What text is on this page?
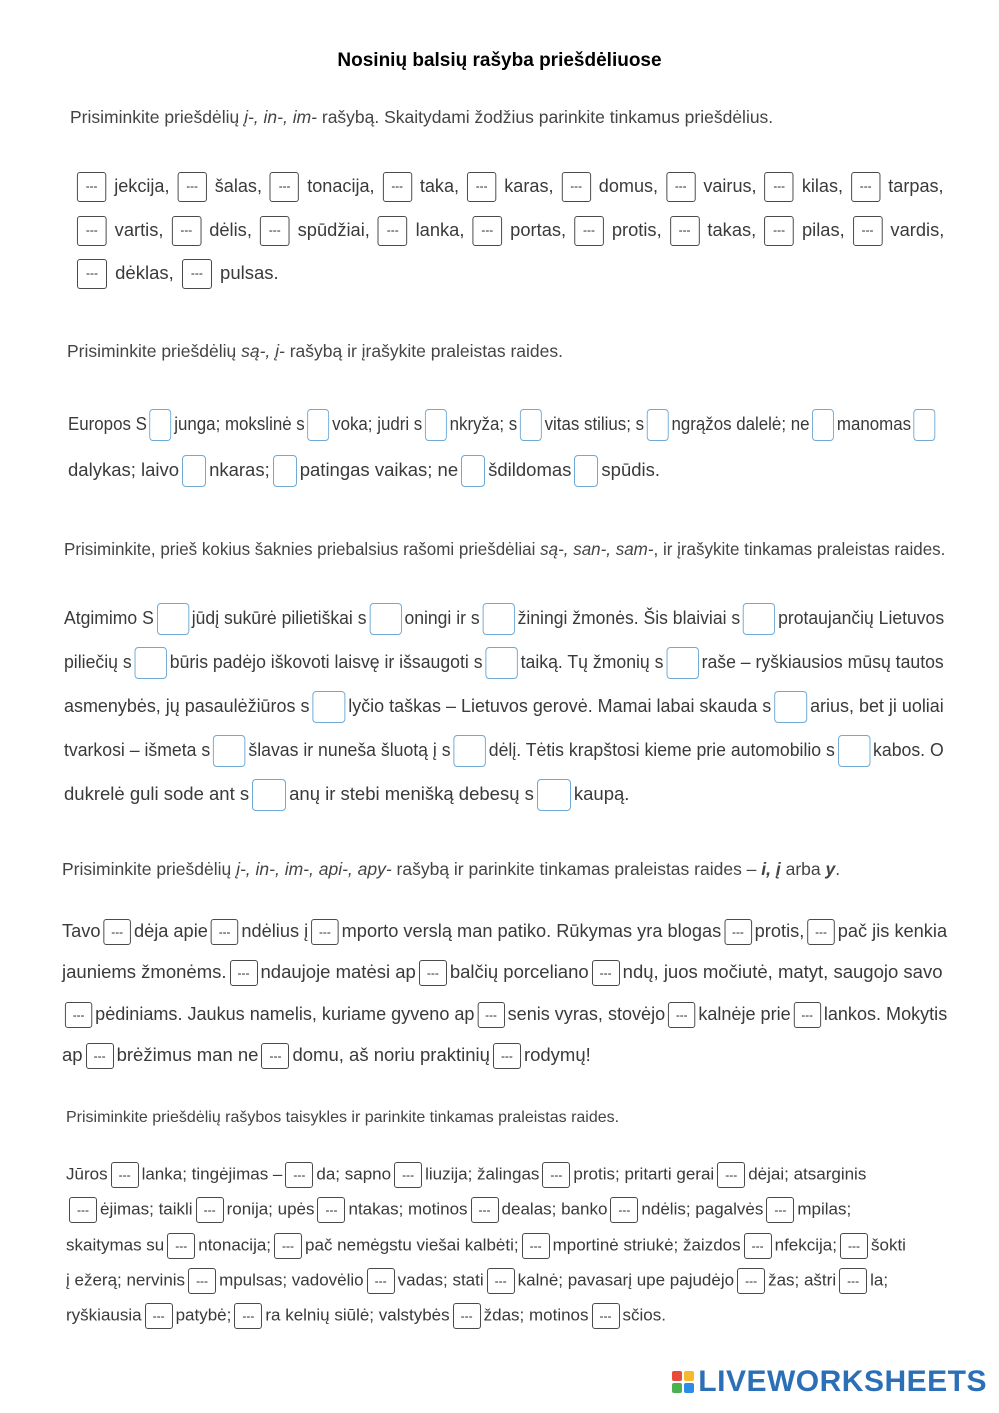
Nosinių balsių rašyba priešdėliuose
Prisiminkite priešdėlių į-, in-, im- rašybą. Skaitydami žodžius parinkite tinkamus priešdėlius.
--- jekcija, --- šalas, --- tonacija, --- taka, --- karas, --- domus, --- vairus, --- kilas, --- tarpas,
--- vartis, --- dėlis, --- spūdžiai, --- lanka, --- portas, --- protis, --- takas, --- pilas, --- vardis,
--- dėklas, --- pulsas.
Prisiminkite priešdėlių są-, į- rašybą ir įrašykite praleistas raides.
Europos S junga; mokslinė s voka; judri s nkryža; s vitas stilius; s ngrąžos dalelė; ne manomas
dalykas; laivo nkaras; patingas vaikas; ne šdildomas spūdis.
Prisiminkite, prieš kokius šaknies priebalsius rašomi priešdėliai są-, san-, sam-, ir įrašykite tinkamas praleistas raides.
Atgimimo S jūdį sukūrė pilietiškai s oningi ir s žiningi žmonės. Šis blaiviai s protaujančių Lietuvos
piliečių s būris padėjo iškovoti laisvę ir išsaugoti s taiką. Tų žmonių s raše – ryškiausios mūsų tautos
asmenybės, jų pasaulėžiūros s lyčio taškas – Lietuvos gerovė. Mamai labai skauda s arius, bet ji uoliai
tvarkosi – išmeta s šlavas ir nuneša šluotą į s dėlį. Tėtis krapštosi kieme prie automobilio s kabos. O
dukrelė guli sode ant s anų ir stebi menišką debesų s kaupą.
Prisiminkite priešdėlių į-, in-, im-, api-, apy- rašybą ir parinkite tinkamas praleistas raides – i, į arba y.
Tavo --- dėja apie --- ndėlius į --- mporto verslą man patiko. Rūkymas yra blogas --- protis, --- pač jis kenkia
jauniems žmonėms. --- ndaujoje matėsi ap --- balčių porceliano --- ndų, juos močiutė, matyt, saugojo savo
--- pėdiniams. Jaukus namelis, kuriame gyveno ap --- senis vyras, stovėjo --- kalnėje prie --- lankos. Mokytis
ap --- brėžimus man ne --- domu, aš noriu praktinių --- rodymų!
Prisiminkite priešdėlių rašybos taisykles ir parinkite tinkamas praleistas raides.
Jūros --- lanka; tingėjimas – --- da; sapno --- liuzija; žalingas --- protis; pritarti gerai --- dėjai; atsarginis
--- ėjimas; taikli --- ronija; upės --- ntakas; motinos --- dealas; banko --- ndėlis; pagalvės --- mpilas;
skaitymas su --- ntonacija; --- pač nemėgstu viešai kalbėti; --- mportinė striukė; žaizdos --- nfekcija; --- šokti
į ežerą; nervinis --- mpulsas; vadovėlio --- vadas; stati --- kalnė; pavasarį upe pajudėjo --- žas; aštri --- la;
ryškiausia --- patybė; --- ra kelnių siūlė; valstybės --- ždas; motinos --- sčios.
LIVEWORKSHEETS
